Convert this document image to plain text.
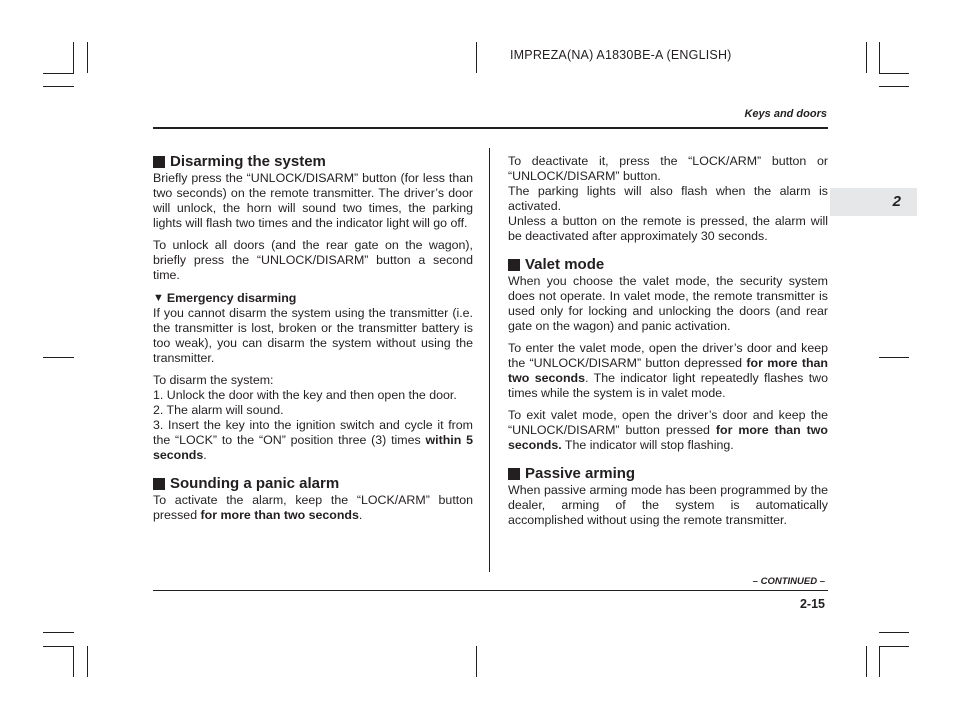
IMPREZA(NA) A1830BE-A (ENGLISH)
Keys and doors
2
Disarming the system

Briefly press the “UNLOCK/DISARM” button (for less than two seconds) on the remote transmitter. The driver’s door will unlock, the horn will sound two times, the parking lights will flash two times and the indicator light will go off.

To unlock all doors (and the rear gate on the wagon), briefly press the “UNLOCK/DISARM” button a second time.

▼ Emergency disarming

If you cannot disarm the system using the transmitter (i.e. the transmitter is lost, broken or the transmitter battery is too weak), you can disarm the system without using the transmitter.

To disarm the system:

1. Unlock the door with the key and then open the door.

2. The alarm will sound.

3. Insert the key into the ignition switch and cycle it from the “LOCK” to the “ON” position three (3) times within 5 seconds.

Sounding a panic alarm

To activate the alarm, keep the “LOCK/ARM” button pressed for more than two seconds.

To deactivate it, press the “LOCK/ARM” button or “UNLOCK/DISARM” button.

The parking lights will also flash when the alarm is activated.

Unless a button on the remote is pressed, the alarm will be deactivated after approximately 30 seconds.

Valet mode

When you choose the valet mode, the security system does not operate. In valet mode, the remote transmitter is used only for locking and unlocking the doors (and rear gate on the wagon) and panic activation.

To enter the valet mode, open the driver’s door and keep the “UNLOCK/DISARM” button depressed for more than two seconds. The indicator light repeatedly flashes two times while the system is in valet mode.

To exit valet mode, open the driver’s door and keep the “UNLOCK/DISARM” button pressed for more than two seconds. The indicator will stop flashing.

Passive arming

When passive arming mode has been programmed by the dealer, arming of the system is automatically accomplished without using the remote transmitter.

– CONTINUED –
2-15
